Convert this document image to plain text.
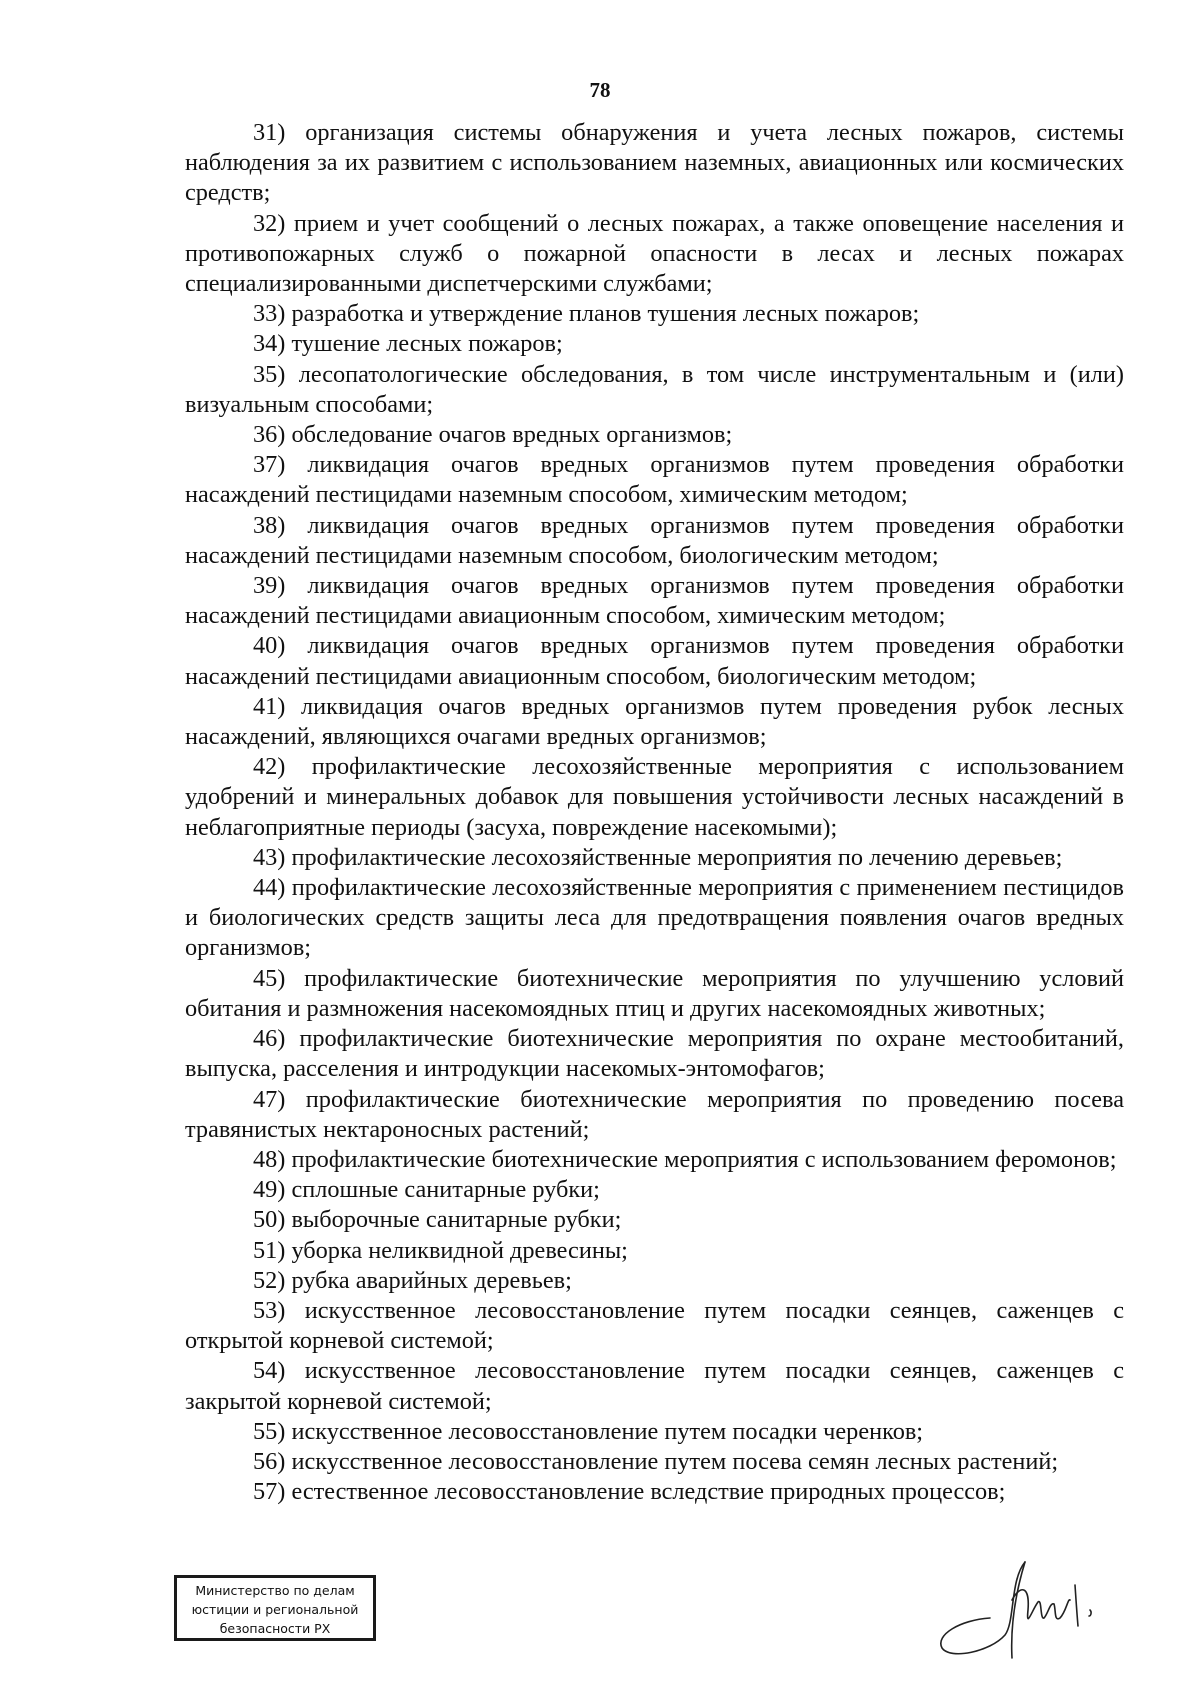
78

31) организация системы обнаружения и учета лесных пожаров, системы наблюдения за их развитием с использованием наземных, авиационных или космических средств;

32) прием и учет сообщений о лесных пожарах, а также оповещение населения и противопожарных служб о пожарной опасности в лесах и лесных пожарах специализированными диспетчерскими службами;

33) разработка и утверждение планов тушения лесных пожаров;

34) тушение лесных пожаров;

35) лесопатологические обследования, в том числе инструментальным и (или) визуальным способами;

36) обследование очагов вредных организмов;

37) ликвидация очагов вредных организмов путем проведения обработки насаждений пестицидами наземным способом, химическим методом;

38) ликвидация очагов вредных организмов путем проведения обработки насаждений пестицидами наземным способом, биологическим методом;

39) ликвидация очагов вредных организмов путем проведения обработки насаждений пестицидами авиационным способом, химическим методом;

40) ликвидация очагов вредных организмов путем проведения обработки насаждений пестицидами авиационным способом, биологическим методом;

41) ликвидация очагов вредных организмов путем проведения рубок лесных насаждений, являющихся очагами вредных организмов;

42) профилактические лесохозяйственные мероприятия с использованием удобрений и минеральных добавок для повышения устойчивости лесных насаждений в неблагоприятные периоды (засуха, повреждение насекомыми);

43) профилактические лесохозяйственные мероприятия по лечению деревьев;

44) профилактические лесохозяйственные мероприятия с применением пестицидов и биологических средств защиты леса для предотвращения появления очагов вредных организмов;

45) профилактические биотехнические мероприятия по улучшению условий обитания и размножения насекомоядных птиц и других насекомоядных животных;

46) профилактические биотехнические мероприятия по охране местообитаний, выпуска, расселения и интродукции насекомых-энтомофагов;

47) профилактические биотехнические мероприятия по проведению посева травянистых нектароносных растений;

48) профилактические биотехнические мероприятия с использованием феромонов;

49) сплошные санитарные рубки;

50) выборочные санитарные рубки;

51) уборка неликвидной древесины;

52) рубка аварийных деревьев;

53) искусственное лесовосстановление путем посадки сеянцев, саженцев с открытой корневой системой;

54) искусственное лесовосстановление путем посадки сеянцев, саженцев с закрытой корневой системой;

55) искусственное лесовосстановление путем посадки черенков;

56) искусственное лесовосстановление путем посева семян лесных растений;

57) естественное лесовосстановление вследствие природных процессов;

Министерство по делам
юстиции и региональной
безопасности РХ
